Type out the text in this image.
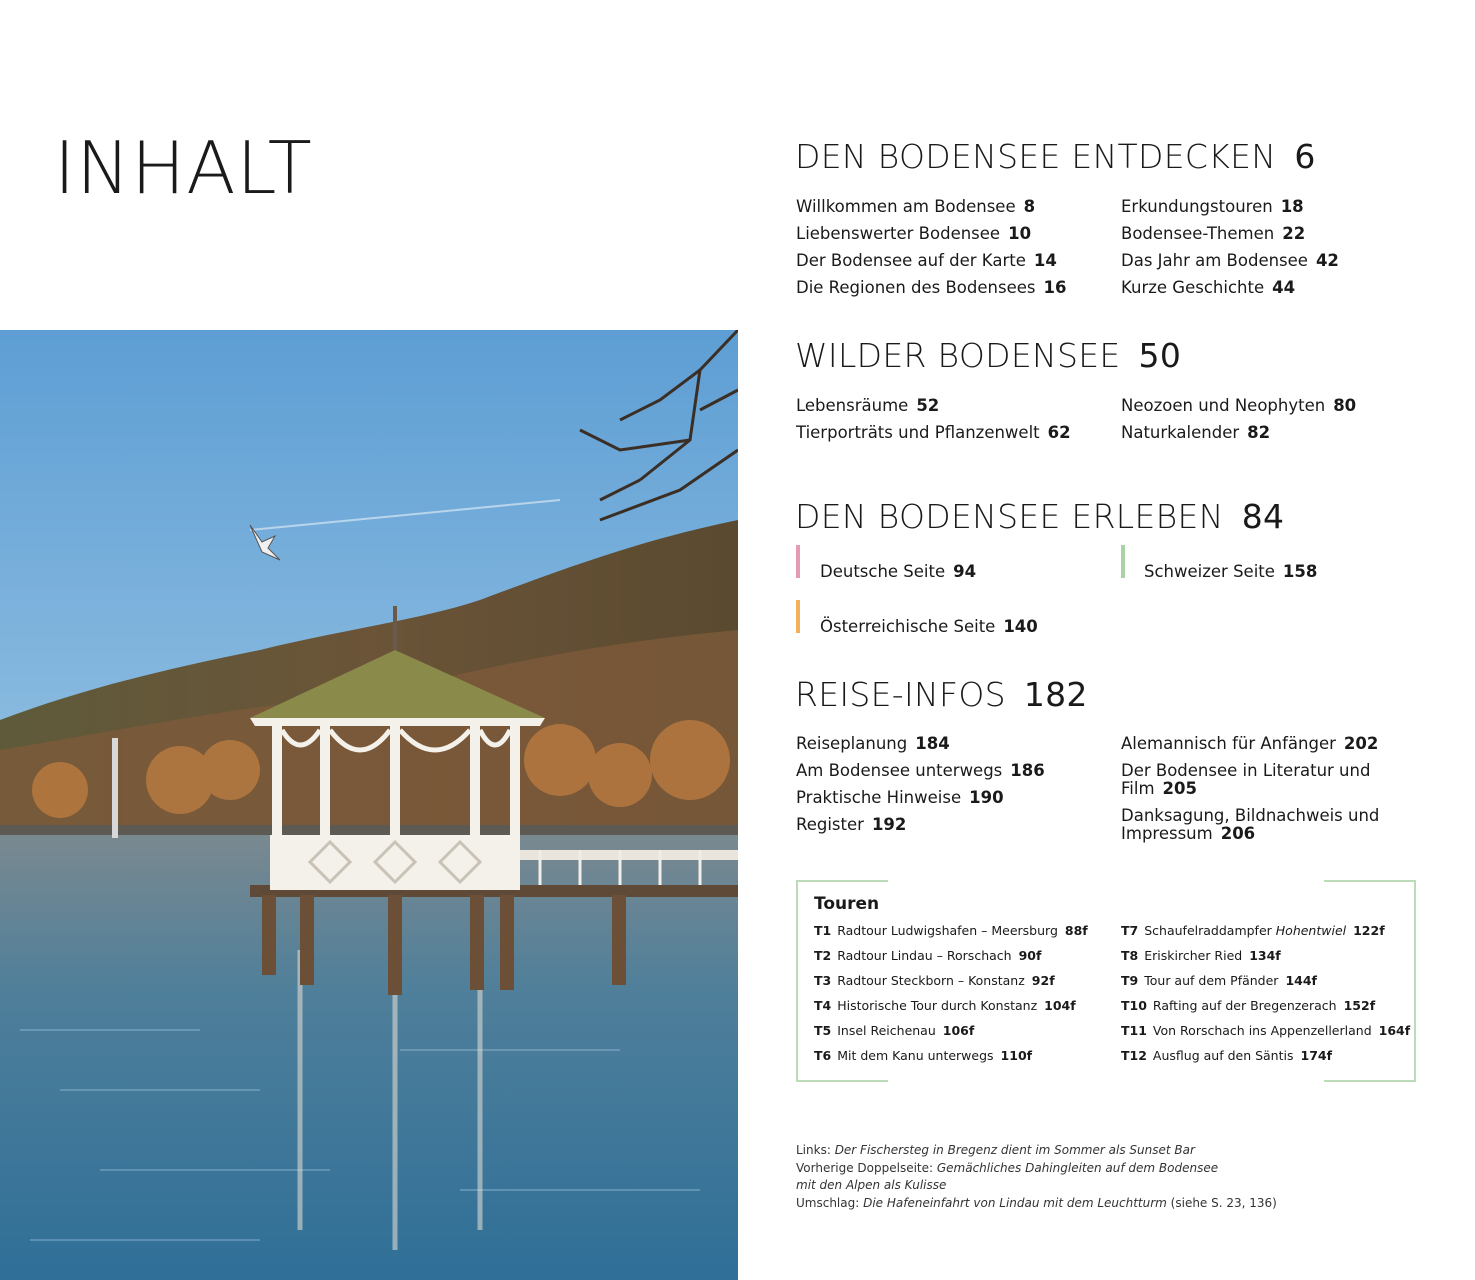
INHALT	DEN BODENSEE ENTDECKEN 6
Willkommen am Bodensee 8
Liebenswerter Bodensee 10
Der Bodensee auf der Karte 14
Die Regionen des Bodensees 16
Erkundungstouren 18
Bodensee-Themen 22
Das Jahr am Bodensee 42
Kurze Geschichte 44
WILDER BODENSEE 50
Lebensräume 52
Tierporträts und Pflanzenwelt 62
Neozoen und Neophyten 80
Naturkalender 82
DEN BODENSEE ERLEBEN 84
Deutsche Seite 94	Schweizer Seite 158
Österreichische Seite 140
REISE-INFOS 182
Reiseplanung 184
Am Bodensee unterwegs 186
Praktische Hinweise 190
Register 192
Alemannisch für Anfänger 202
Der Bodensee in Literatur und Film 205
Danksagung, Bildnachweis und Impressum 206
Touren
T1 Radtour Ludwigshafen – Meersburg 88f
T2 Radtour Lindau – Rorschach 90f
T3 Radtour Steckborn – Konstanz 92f
T4 Historische Tour durch Konstanz 104f
T5 Insel Reichenau 106f
T6 Mit dem Kanu unterwegs 110f
T7 Schaufelraddampfer Hohentwiel 122f
T8 Eriskircher Ried 134f
T9 Tour auf dem Pfänder 144f
T10 Rafting auf der Bregenzerach 152f
T11 Von Rorschach ins Appenzellerland 164f
T12 Ausflug auf den Säntis 174f
Links: Der Fischersteg in Bregenz dient im Sommer als Sunset Bar
Vorherige Doppelseite: Gemächliches Dahingleiten auf dem Bodensee
mit den Alpen als Kulisse
Umschlag: Die Hafeneinfahrt von Lindau mit dem Leuchtturm (siehe S. 23, 136)
